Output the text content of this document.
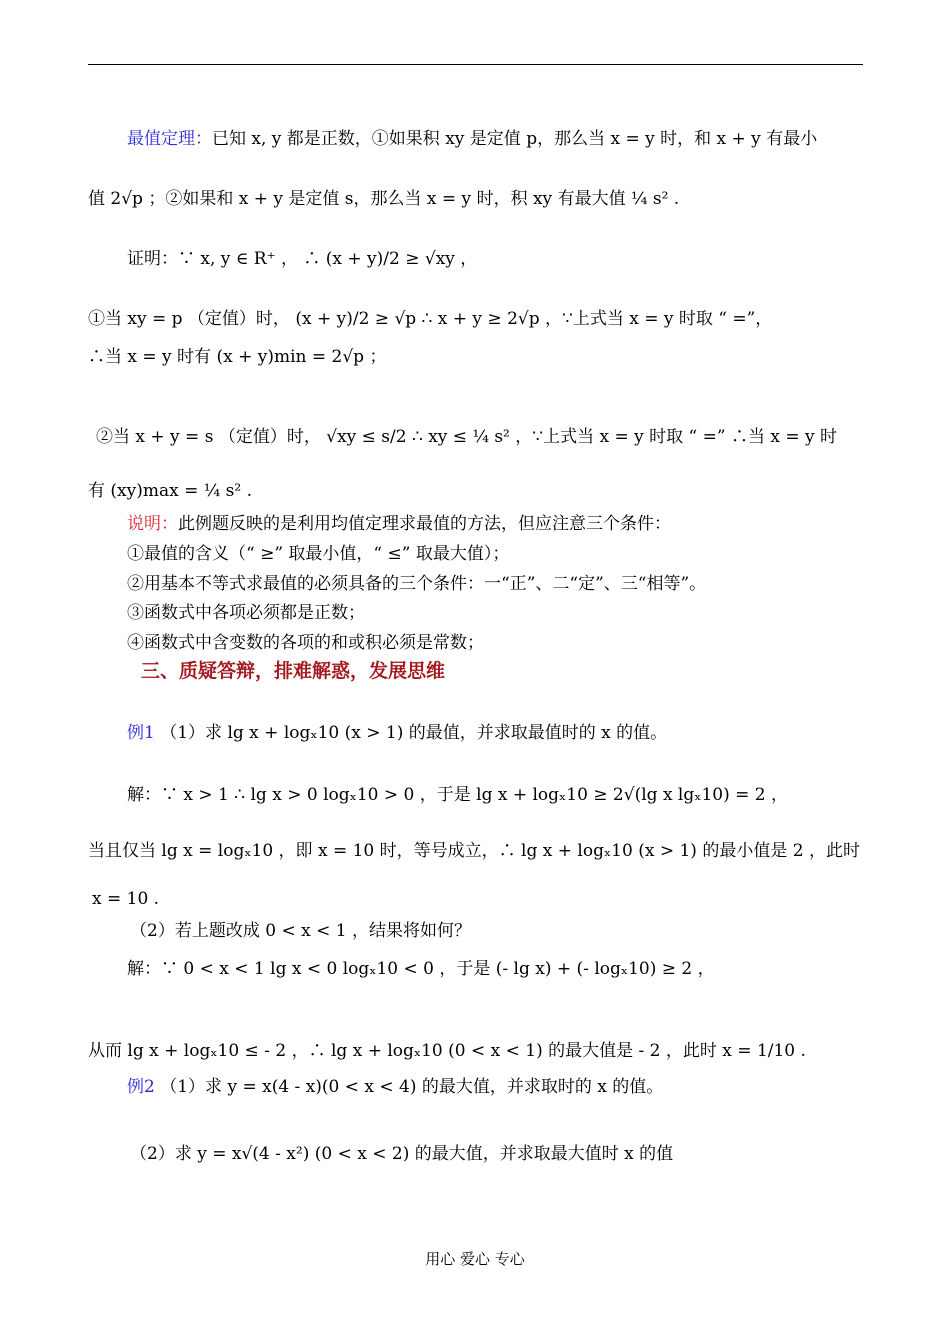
最值定理：已知 x, y 都是正数，①如果积 xy 是定值 p，那么当 x = y 时，和 x + y 有最小
值 2√p ；②如果和 x + y 是定值 s，那么当 x = y 时，积 xy 有最大值 ¼ s² .
证明：∵ x, y ∈ R⁺ ， ∴ (x + y)/2 ≥ √xy ，
①当 xy = p （定值）时， (x + y)/2 ≥ √p ∴ x + y ≥ 2√p ，∵上式当 x = y 时取 “ =”，
∴当 x = y 时有 (x + y)min = 2√p ；
②当 x + y = s （定值）时， √xy ≤ s/2 ∴ xy ≤ ¼ s² ，∵上式当 x = y 时取 “ =” ∴当 x = y 时
有 (xy)max = ¼ s² .
说明：此例题反映的是利用均值定理求最值的方法，但应注意三个条件：
①最值的含义（“ ≥” 取最小值，“ ≤” 取最大值）；
②用基本不等式求最值的必须具备的三个条件：一“正”、二“定”、三“相等”。
③函数式中各项必须都是正数；
④函数式中含变数的各项的和或积必须是常数；
三、质疑答辩，排难解惑，发展思维
例1 （1）求 lg x + logₓ10 (x > 1) 的最值，并求取最值时的 x 的值。
解：∵ x > 1 ∴ lg x > 0 logₓ10 > 0 ，于是 lg x + logₓ10 ≥ 2√(lg x lgₓ10) = 2 ，
当且仅当 lg x = logₓ10 ，即 x = 10 时，等号成立，∴ lg x + logₓ10 (x > 1) 的最小值是 2 ，此时
x = 10 .
（2）若上题改成 0 < x < 1 ，结果将如何？
解：∵ 0 < x < 1 lg x < 0 logₓ10 < 0 ，于是 (- lg x) + (- logₓ10) ≥ 2 ，
从而 lg x + logₓ10 ≤ - 2 ，∴ lg x + logₓ10 (0 < x < 1) 的最大值是 - 2 ，此时 x = 1/10 .
例2 （1）求 y = x(4 - x)(0 < x < 4) 的最大值，并求取时的 x 的值。
（2）求 y = x√(4 - x²) (0 < x < 2) 的最大值，并求取最大值时 x 的值
用心 爱心 专心
